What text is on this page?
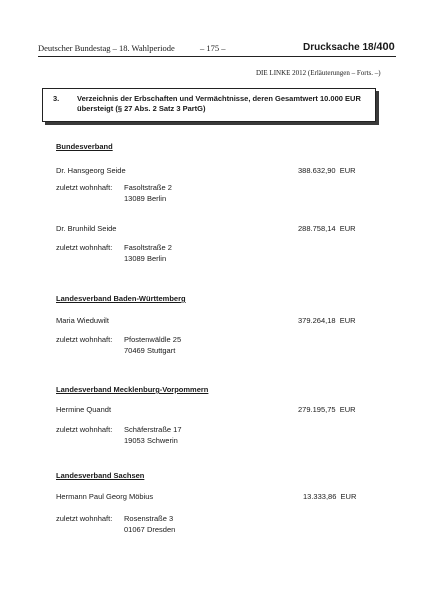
Deutscher Bundestag – 18. Wahlperiode	– 175 –	Drucksache 18/400
DIE LINKE 2012 (Erläuterungen – Forts. –)
3. Verzeichnis der Erbschaften und Vermächtnisse, deren Gesamtwert 10.000 EUR übersteigt (§ 27 Abs. 2 Satz 3 PartG)
Bundesverband
Dr. Hansgeorg Seide	388.632,90 EUR
zuletzt wohnhaft: Fasoltstraße 2
13089 Berlin
Dr. Brunhild Seide	288.758,14 EUR
zuletzt wohnhaft: Fasoltstraße 2
13089 Berlin
Landesverband Baden-Württemberg
Maria Wieduwilt	379.264,18 EUR
zuletzt wohnhaft: Pfostenwäldle 25
70469 Stuttgart
Landesverband Mecklenburg-Vorpommern
Hermine Quandt	279.195,75 EUR
zuletzt wohnhaft: Schäferstraße 17
19053 Schwerin
Landesverband Sachsen
Hermann Paul Georg Möbius	13.333,86 EUR
zuletzt wohnhaft: Rosenstraße 3
01067 Dresden
